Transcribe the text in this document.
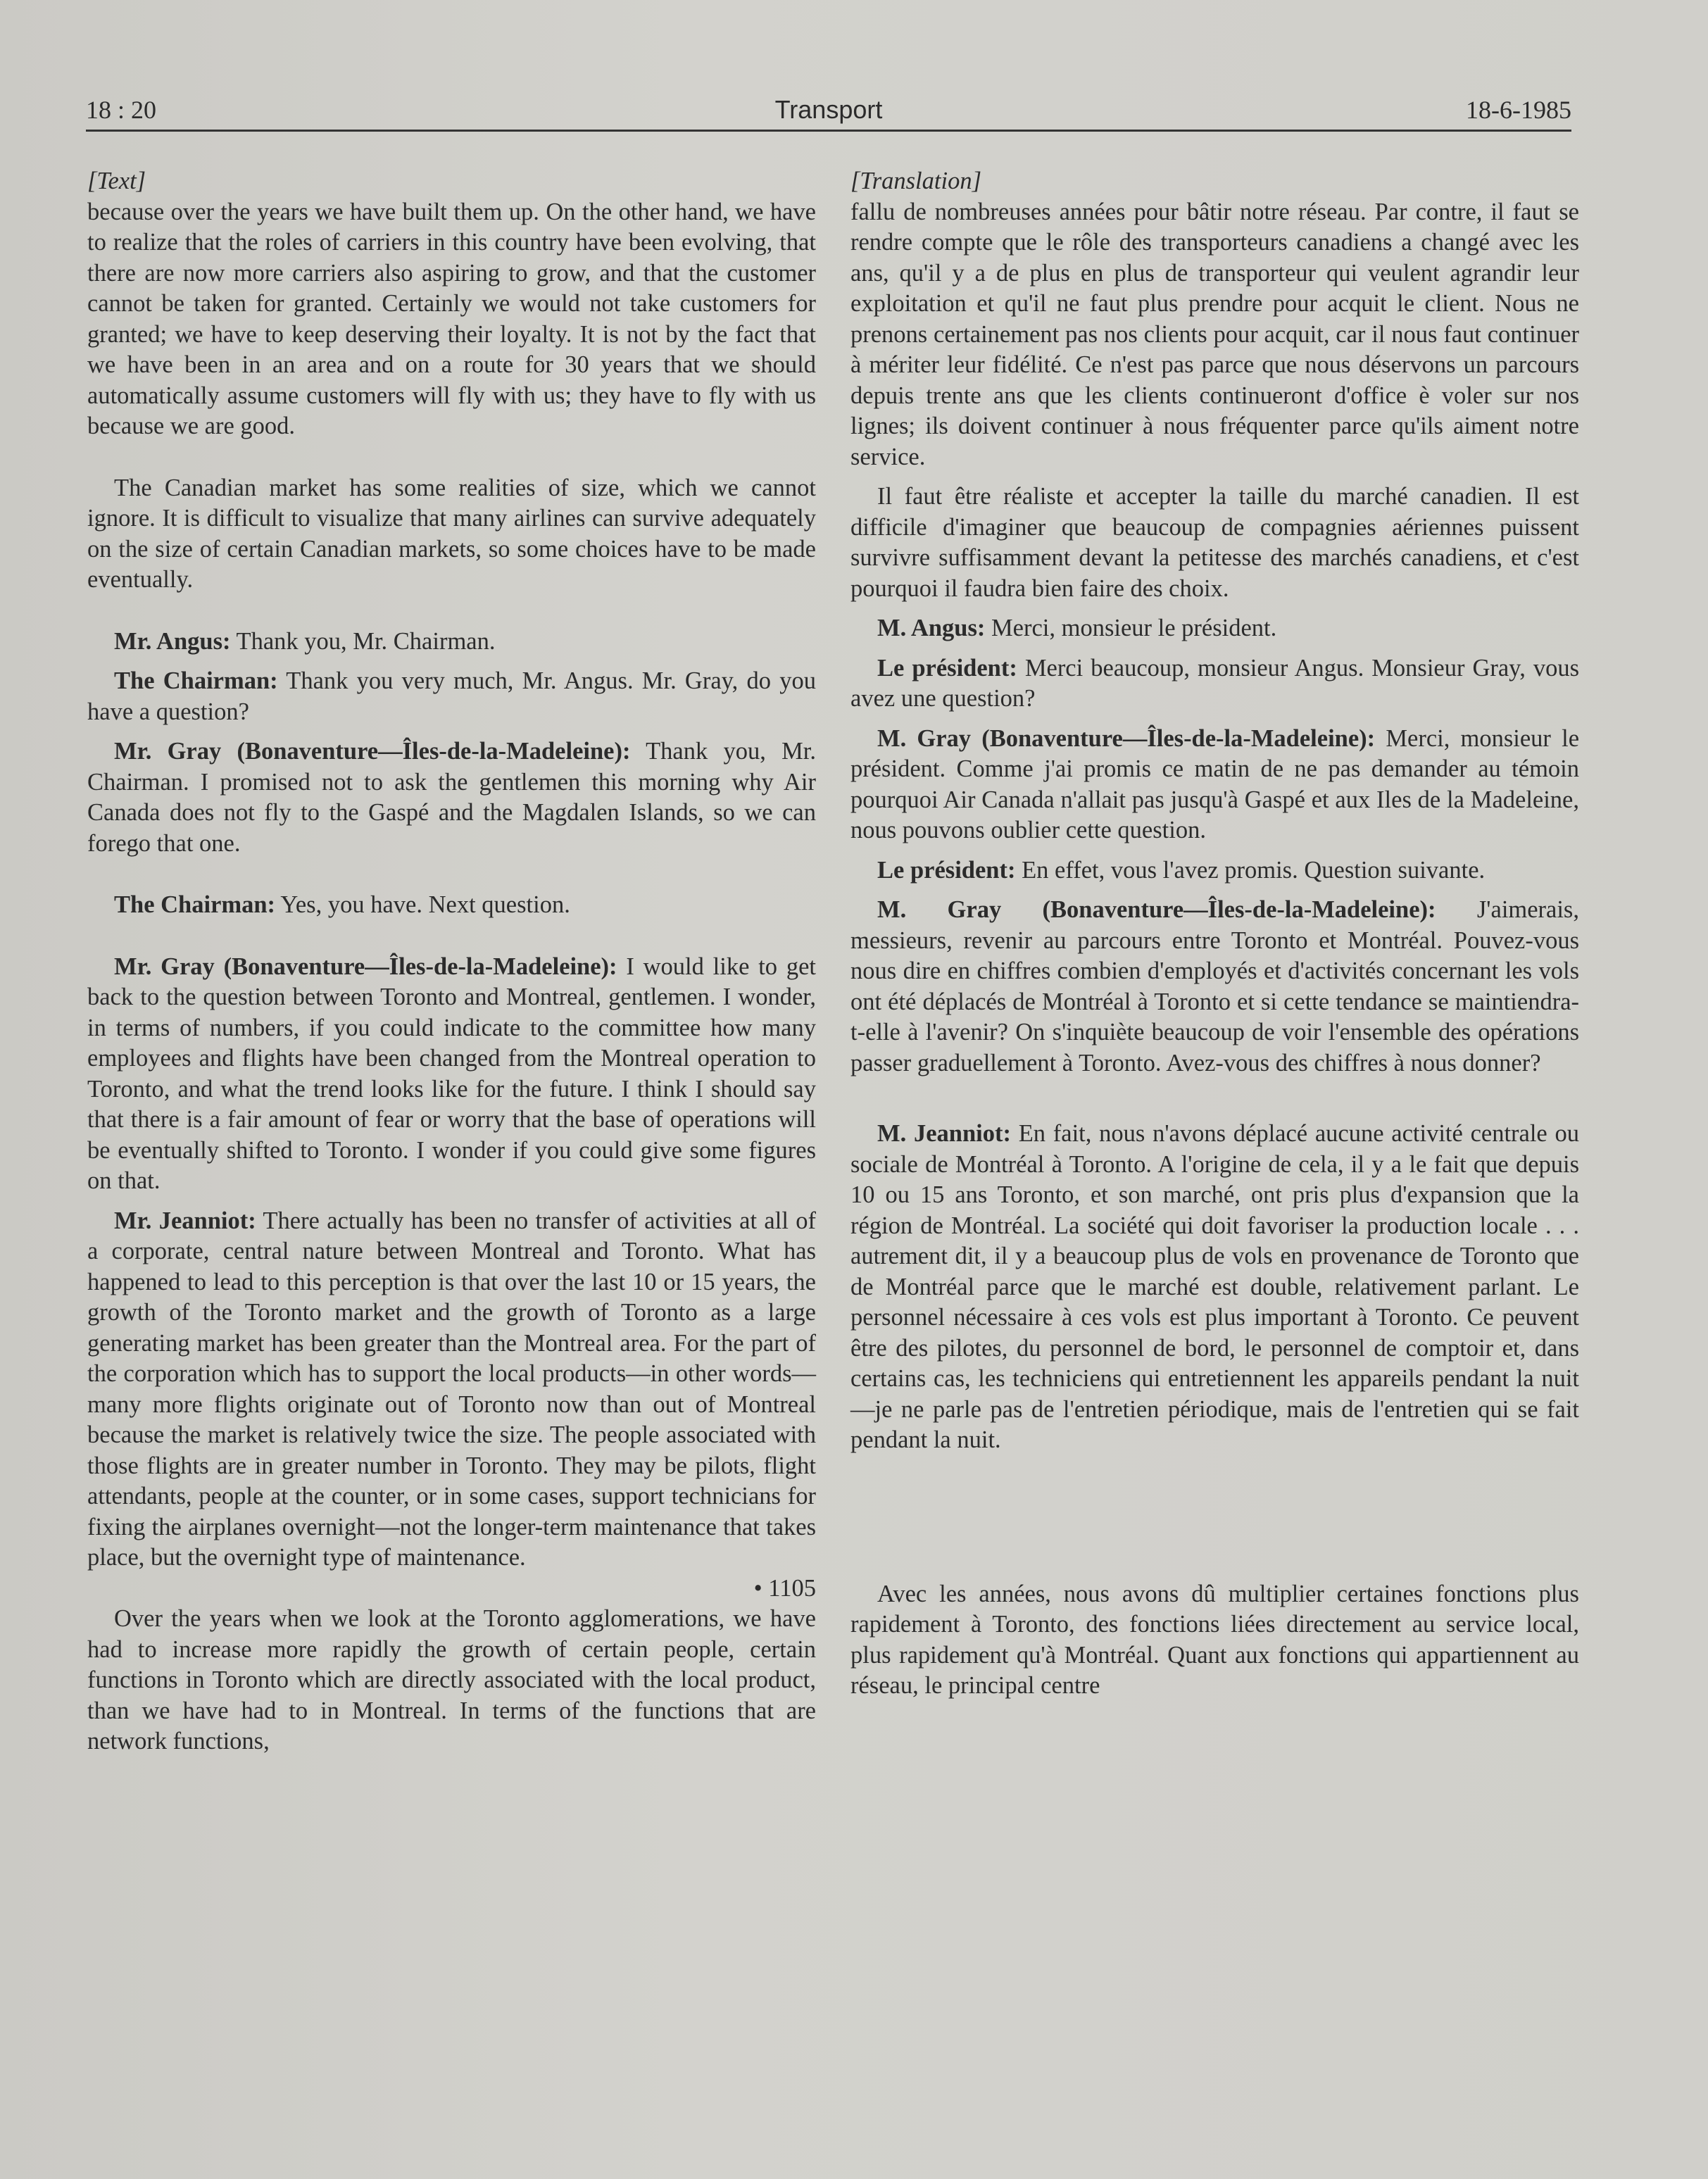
18 : 20	Transport	18-6-1985

[Text]

because over the years we have built them up. On the other hand, we have to realize that the roles of carriers in this country have been evolving, that there are now more carriers also aspiring to grow, and that the customer cannot be taken for granted. Certainly we would not take customers for granted; we have to keep deserving their loyalty. It is not by the fact that we have been in an area and on a route for 30 years that we should automatically assume customers will fly with us; they have to fly with us because we are good.

The Canadian market has some realities of size, which we cannot ignore. It is difficult to visualize that many airlines can survive adequately on the size of certain Canadian markets, so some choices have to be made eventually.

Mr. Angus: Thank you, Mr. Chairman.

The Chairman: Thank you very much, Mr. Angus. Mr. Gray, do you have a question?

Mr. Gray (Bonaventure—Îles-de-la-Madeleine): Thank you, Mr. Chairman. I promised not to ask the gentlemen this morning why Air Canada does not fly to the Gaspé and the Magdalen Islands, so we can forego that one.

The Chairman: Yes, you have. Next question.

Mr. Gray (Bonaventure—Îles-de-la-Madeleine): I would like to get back to the question between Toronto and Montreal, gentlemen. I wonder, in terms of numbers, if you could indicate to the committee how many employees and flights have been changed from the Montreal operation to Toronto, and what the trend looks like for the future. I think I should say that there is a fair amount of fear or worry that the base of operations will be eventually shifted to Toronto. I wonder if you could give some figures on that.

Mr. Jeanniot: There actually has been no transfer of activities at all of a corporate, central nature between Montreal and Toronto. What has happened to lead to this perception is that over the last 10 or 15 years, the growth of the Toronto market and the growth of Toronto as a large generating market has been greater than the Montreal area. For the part of the corporation which has to support the local products—in other words—many more flights originate out of Toronto now than out of Montreal because the market is relatively twice the size. The people associated with those flights are in greater number in Toronto. They may be pilots, flight attendants, people at the counter, or in some cases, support technicians for fixing the airplanes overnight—not the longer-term maintenance that takes place, but the overnight type of maintenance.

• 1105

Over the years when we look at the Toronto agglomerations, we have had to increase more rapidly the growth of certain people, certain functions in Toronto which are directly associated with the local product, than we have had to in Montreal. In terms of the functions that are network functions,

[Translation]

fallu de nombreuses années pour bâtir notre réseau. Par contre, il faut se rendre compte que le rôle des transporteurs canadiens a changé avec les ans, qu'il y a de plus en plus de transporteur qui veulent agrandir leur exploitation et qu'il ne faut plus prendre pour acquit le client. Nous ne prenons certainement pas nos clients pour acquit, car il nous faut continuer à mériter leur fidélité. Ce n'est pas parce que nous déservons un parcours depuis trente ans que les clients continueront d'office è voler sur nos lignes; ils doivent continuer à nous fréquenter parce qu'ils aiment notre service.

Il faut être réaliste et accepter la taille du marché canadien. Il est difficile d'imaginer que beaucoup de compagnies aériennes puissent survivre suffisamment devant la petitesse des marchés canadiens, et c'est pourquoi il faudra bien faire des choix.

M. Angus: Merci, monsieur le président.

Le président: Merci beaucoup, monsieur Angus. Monsieur Gray, vous avez une question?

M. Gray (Bonaventure—Îles-de-la-Madeleine): Merci, monsieur le président. Comme j'ai promis ce matin de ne pas demander au témoin pourquoi Air Canada n'allait pas jusqu'à Gaspé et aux Iles de la Madeleine, nous pouvons oublier cette question.

Le président: En effet, vous l'avez promis. Question suivante.

M. Gray (Bonaventure—Îles-de-la-Madeleine): J'aimerais, messieurs, revenir au parcours entre Toronto et Montréal. Pouvez-vous nous dire en chiffres combien d'employés et d'activités concernant les vols ont été déplacés de Montréal à Toronto et si cette tendance se maintiendra-t-elle à l'avenir? On s'inquiète beaucoup de voir l'ensemble des opérations passer graduellement à Toronto. Avez-vous des chiffres à nous donner?

M. Jeanniot: En fait, nous n'avons déplacé aucune activité centrale ou sociale de Montréal à Toronto. A l'origine de cela, il y a le fait que depuis 10 ou 15 ans Toronto, et son marché, ont pris plus d'expansion que la région de Montréal. La société qui doit favoriser la production locale . . . autrement dit, il y a beaucoup plus de vols en provenance de Toronto que de Montréal parce que le marché est double, relativement parlant. Le personnel nécessaire à ces vols est plus important à Toronto. Ce peuvent être des pilotes, du personnel de bord, le personnel de comptoir et, dans certains cas, les techniciens qui entretiennent les appareils pendant la nuit—je ne parle pas de l'entretien périodique, mais de l'entretien qui se fait pendant la nuit.

Avec les années, nous avons dû multiplier certaines fonctions plus rapidement à Toronto, des fonctions liées directement au service local, plus rapidement qu'à Montréal. Quant aux fonctions qui appartiennent au réseau, le principal centre
